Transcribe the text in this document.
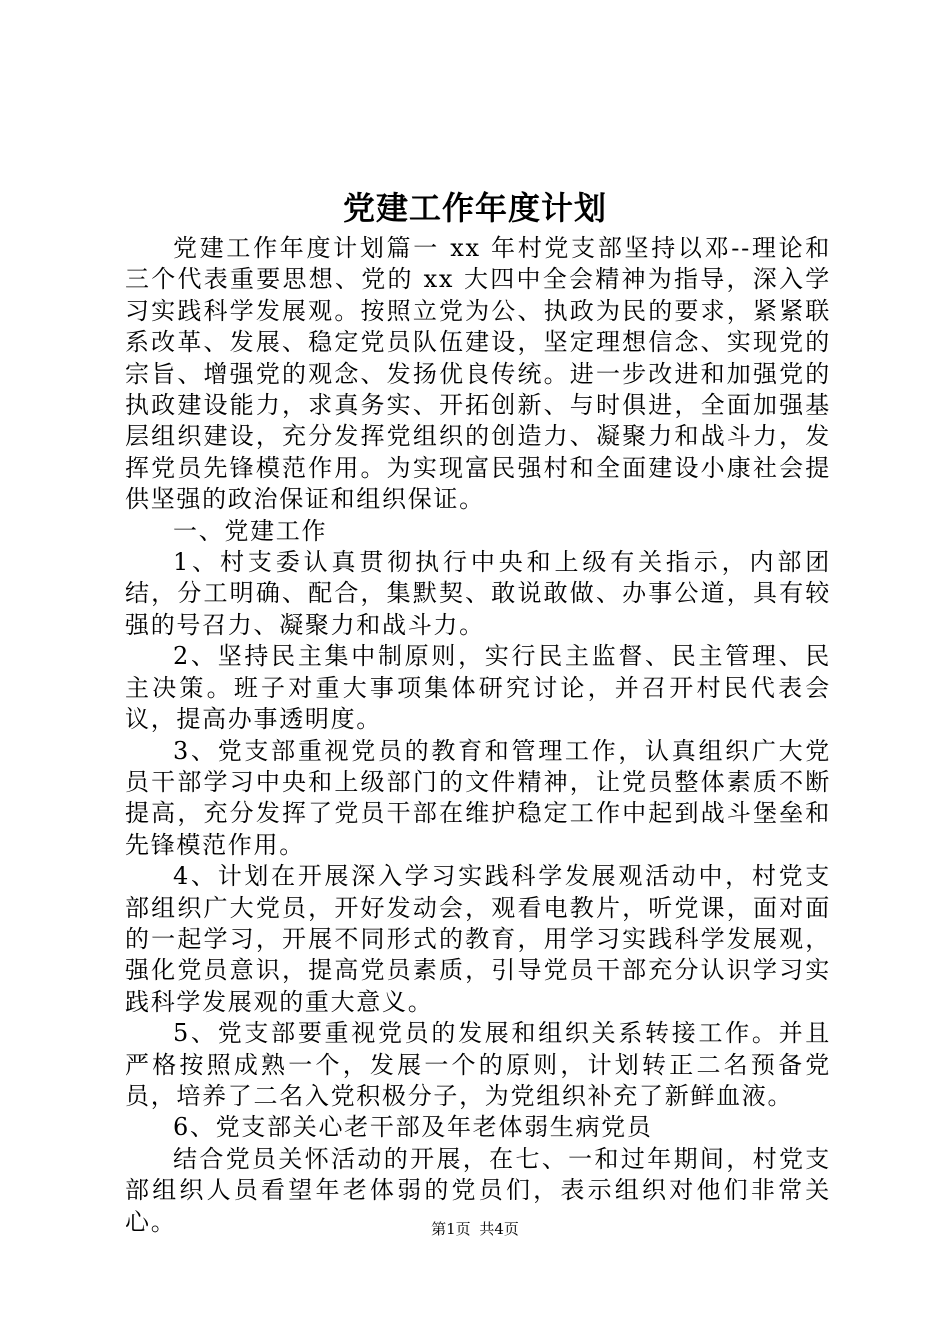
党建工作年度计划

党建工作年度计划篇一 xx 年村党支部坚持以邓--理论和三个代表重要思想、党的 xx 大四中全会精神为指导，深入学习实践科学发展观。按照立党为公、执政为民的要求，紧紧联系改革、发展、稳定党员队伍建设，坚定理想信念、实现党的宗旨、增强党的观念、发扬优良传统。进一步改进和加强党的执政建设能力，求真务实、开拓创新、与时俱进，全面加强基层组织建设，充分发挥党组织的创造力、凝聚力和战斗力，发挥党员先锋模范作用。为实现富民强村和全面建设小康社会提供坚强的政治保证和组织保证。

一、党建工作

1、村支委认真贯彻执行中央和上级有关指示，内部团结，分工明确、配合，集默契、敢说敢做、办事公道，具有较强的号召力、凝聚力和战斗力。

2、坚持民主集中制原则，实行民主监督、民主管理、民主决策。班子对重大事项集体研究讨论，并召开村民代表会议，提高办事透明度。

3、党支部重视党员的教育和管理工作，认真组织广大党员干部学习中央和上级部门的文件精神，让党员整体素质不断提高，充分发挥了党员干部在维护稳定工作中起到战斗堡垒和先锋模范作用。

4、计划在开展深入学习实践科学发展观活动中，村党支部组织广大党员，开好发动会，观看电教片，听党课，面对面的一起学习，开展不同形式的教育，用学习实践科学发展观，强化党员意识，提高党员素质，引导党员干部充分认识学习实践科学发展观的重大意义。

5、党支部要重视党员的发展和组织关系转接工作。并且严格按照成熟一个，发展一个的原则，计划转正二名预备党员，培养了二名入党积极分子，为党组织补充了新鲜血液。

6、党支部关心老干部及年老体弱生病党员

结合党员关怀活动的开展，在七、一和过年期间，村党支部组织人员看望年老体弱的党员们，表示组织对他们非常关心。	第1页 共4页
